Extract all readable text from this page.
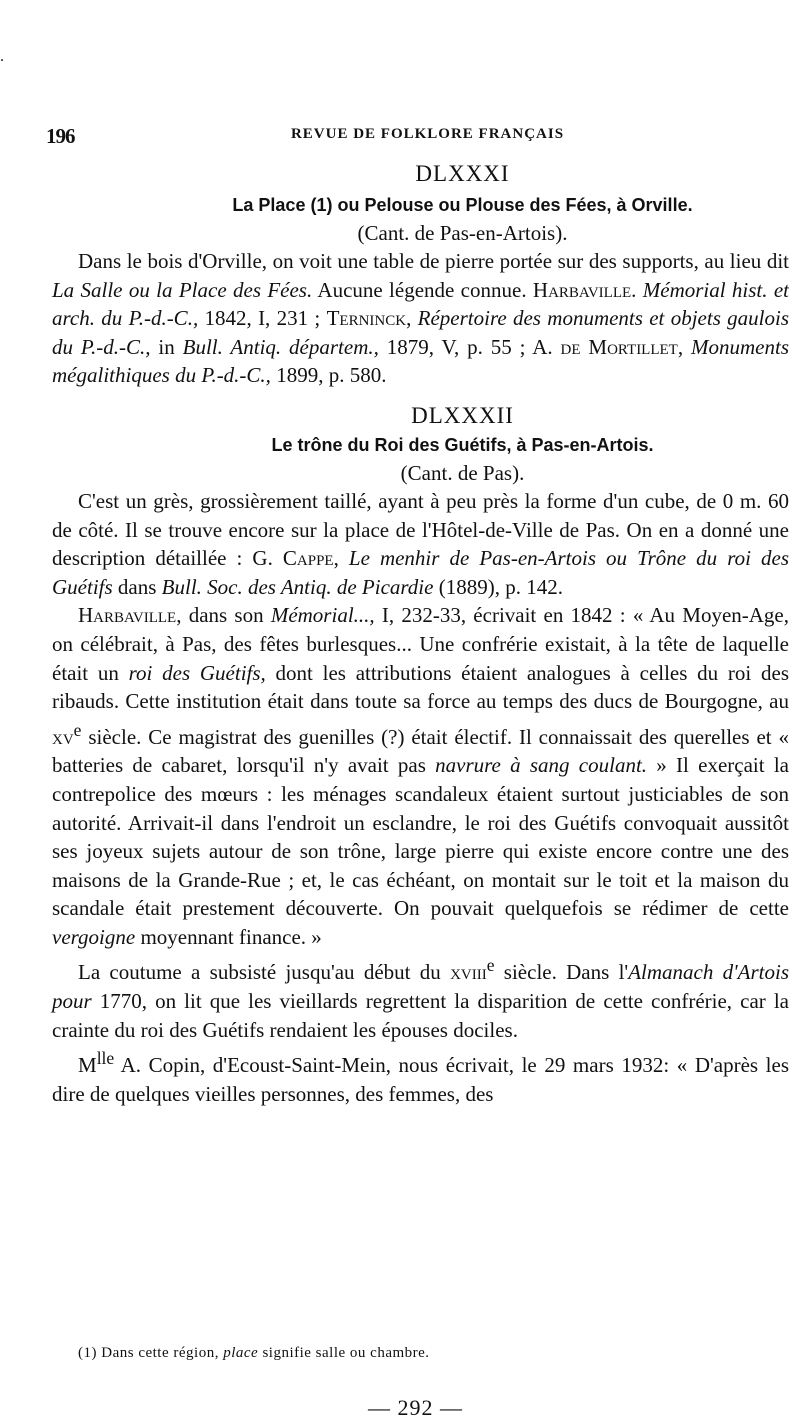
.
196	REVUE DE FOLKLORE FRANÇAIS

DLXXXI

La Place (1) ou Pelouse ou Plouse des Fées, à Orville.

(Cant. de Pas-en-Artois).

Dans le bois d'Orville, on voit une table de pierre portée sur des supports, au lieu dit La Salle ou la Place des Fées. Aucune légende connue. Harbaville. Mémorial hist. et arch. du P.-d.-C., 1842, I, 231 ; Terninck, Répertoire des monuments et objets gaulois du P.-d.-C., in Bull. Antiq. départem., 1879, V, p. 55 ; A. de Mortillet, Monuments mégalithiques du P.-d.-C., 1899, p. 580.

DLXXXII

Le trône du Roi des Guétifs, à Pas-en-Artois.

(Cant. de Pas).

C'est un grès, grossièrement taillé, ayant à peu près la forme d'un cube, de 0 m. 60 de côté. Il se trouve encore sur la place de l'Hôtel-de-Ville de Pas. On en a donné une description détaillée : G. Cappe, Le menhir de Pas-en-Artois ou Trône du roi des Guétifs dans Bull. Soc. des Antiq. de Picardie (1889), p. 142.

Harbaville, dans son Mémorial..., I, 232-33, écrivait en 1842 : « Au Moyen-Age, on célébrait, à Pas, des fêtes burlesques... Une confrérie existait, à la tête de laquelle était un roi des Guétifs, dont les attributions étaient analogues à celles du roi des ribauds. Cette institution était dans toute sa force au temps des ducs de Bourgogne, au $xv^e$ siècle. Ce magistrat des guenilles (?) était électif. Il connaissait des querelles et « batteries de cabaret, lorsqu'il n'y avait pas navrure à sang coulant. » Il exerçait la contrepolice des mœurs : les ménages scandaleux étaient surtout justiciables de son autorité. Arrivait-il dans l'endroit un esclandre, le roi des Guétifs convoquait aussitôt ses joyeux sujets autour de son trône, large pierre qui existe encore contre une des maisons de la Grande-Rue ; et, le cas échéant, on montait sur le toit et la maison du scandale était prestement découverte. On pouvait quelquefois se rédimer de cette vergoigne moyennant finance. »

La coutume a subsisté jusqu'au début du xviii$^e$ siècle. Dans l'Almanach d'Artois pour 1770, on lit que les vieillards regrettent la disparition de cette confrérie, car la crainte du roi des Guétifs rendaient les épouses dociles.

$M^{lle}$ A. Copin, d'Ecoust-Saint-Mein, nous écrivait, le 29 mars 1932: « D'après les dire de quelques vieilles personnes, des femmes, des

(1) Dans cette région, place signifie salle ou chambre.
— 292 —
